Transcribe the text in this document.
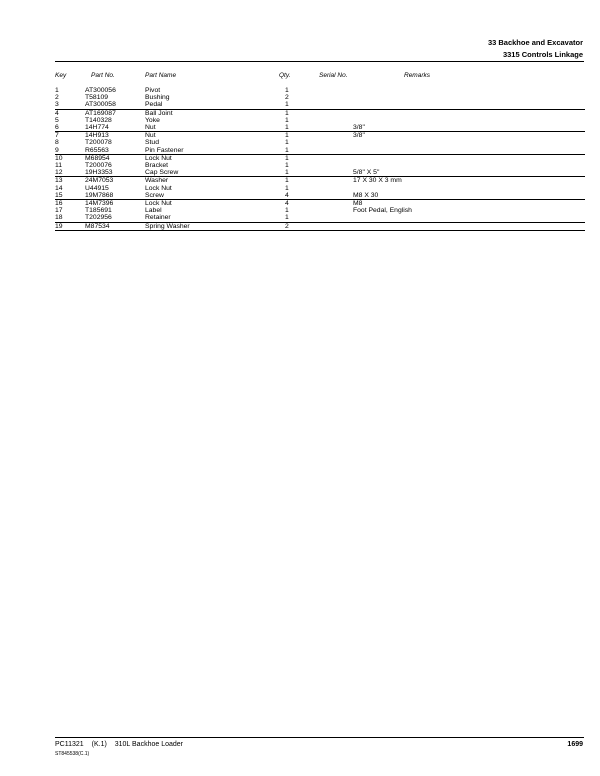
33 Backhoe and Excavator
3315 Controls Linkage
Key	Part No.	Part Name	Qty.	Serial No.	Remarks
1	AT300056	Pivot	1		
2	T58109	Bushing	2		
3	AT300058	Pedal	1		
4	AT169087	Ball Joint	1		
5	T140328	Yoke	1		
6	14H774	Nut	1		3/8"
7	14H913	Nut	1		3/8"
8	T200078	Stud	1		
9	R65563	Pin Fastener	1		
10	M68954	Lock Nut	1		
11	T200076	Bracket	1		
12	19H3353	Cap Screw	1		5/8" X 5"
13	24M7053	Washer	1		17 X 30 X 3 mm
14	U44915	Lock Nut	1		
15	19M7868	Screw	4		M8 X 30
16	14M7396	Lock Nut	4		M8
17	T185691	Label	1		Foot Pedal, English
18	T202956	Retainer	1		
19	M87534	Spring Washer	2		
PC11321 (K.1) 310L Backhoe Loader
ST845538(C.1)
1699
